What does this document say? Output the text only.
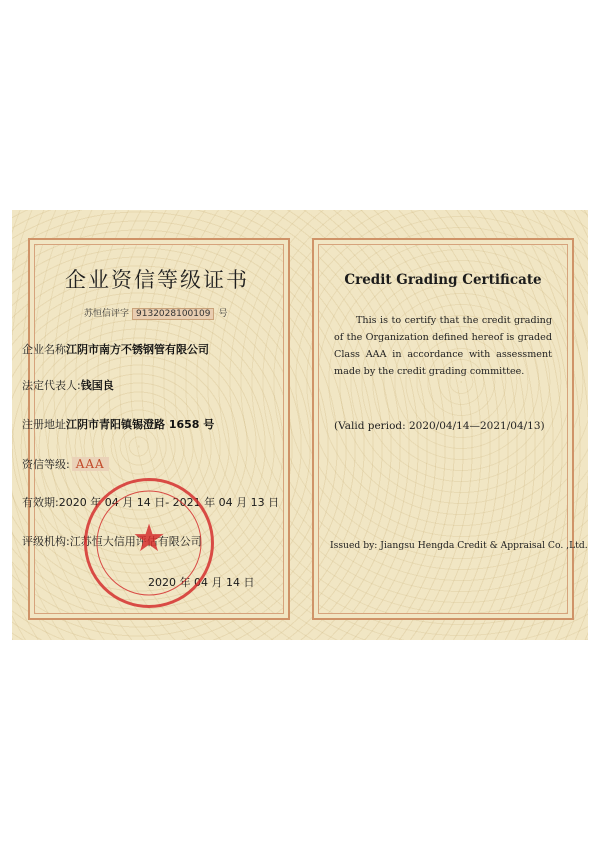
企业资信等级证书
苏恒信评字 9132028100109 号
企业名称江阴市南方不锈钢管有限公司
法定代表人:钱国良
注册地址江阴市青阳镇锡澄路 1658 号
资信等级: AAA
有效期:2020 年 04 月 14 日- 2021 年 04 月 13 日
评级机构:江苏恒大信用评估有限公司
2020 年 04 月 14 日
★
Credit Grading Certificate
This is to certify that the credit grading of the Organization defined hereof is graded Class AAA in accordance with assessment made by the credit grading committee.
(Valid period: 2020/04/14—2021/04/13)
Issued by: Jiangsu Hengda Credit & Appraisal Co. ,Ltd.
